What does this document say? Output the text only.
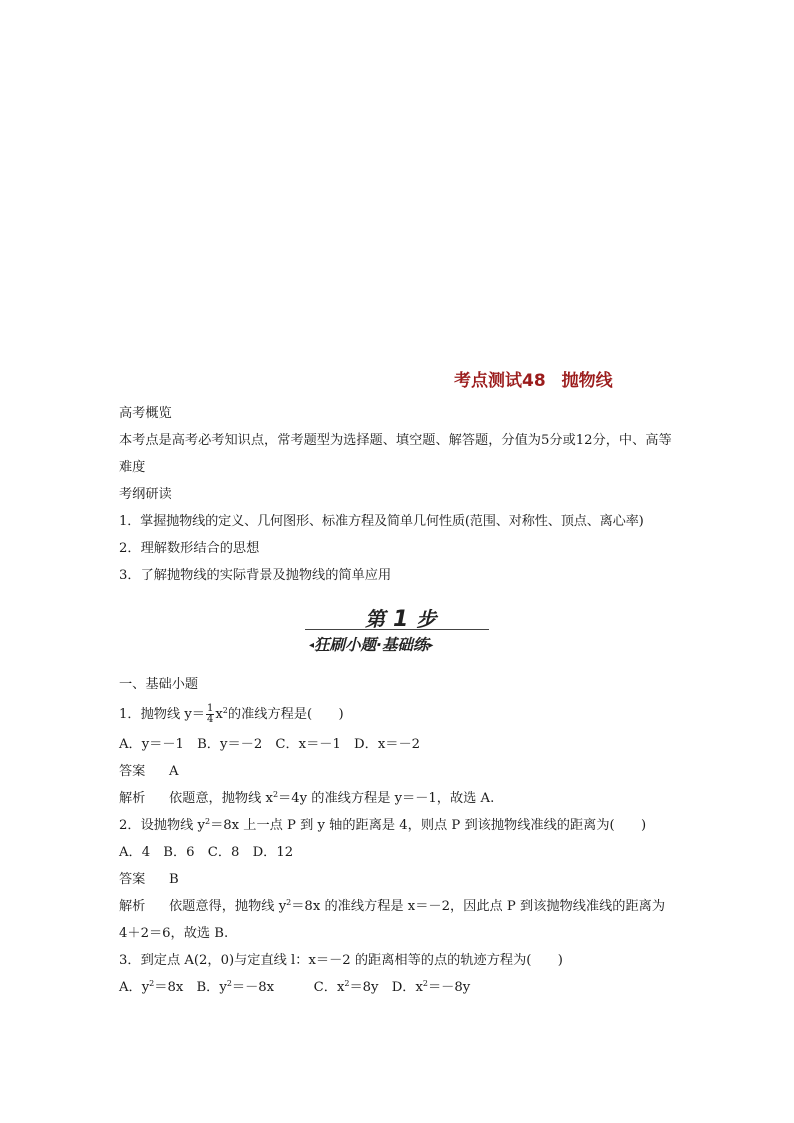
考点测试48 抛物线
高考概览
本考点是高考必考知识点，常考题型为选择题、填空题、解答题，分值为5分或12分，中、高等难度
考纲研读
1．掌握抛物线的定义、几何图形、标准方程及简单几何性质(范围、对称性、顶点、离心率)
2．理解数形结合的思想
3．了解抛物线的实际背景及抛物线的简单应用
第 1 步
◂狂刷小题·基础练▸
一、基础小题
1．抛物线 $y= \frac{1}{4} x^2$的准线方程是(　　)
A．y＝－1　B．y＝－2　C．x＝－1　D．x＝－2
答案 A
解析 依题意，抛物线 $x^2=4y$ 的准线方程是 y＝－1，故选 A.
2．设抛物线 $y^2=8x$ 上一点 P 到 y 轴的距离是 4，则点 P 到该抛物线准线的距离为(　　)
A．4　B．6　C．8　D．12
答案 B
解析 依题意得，抛物线 $y^2=8x$ 的准线方程是 x＝－2，因此点 P 到该抛物线准线的距离为
4＋2＝6，故选 B.
3．到定点 A(2，0)与定直线 l：x＝－2 的距离相等的点的轨迹方程为(　　)
A．$y^2=8x$　 B．$y^2=-8x$　　　	C．$x^2=8y$　 D．$x^2=-8y$
